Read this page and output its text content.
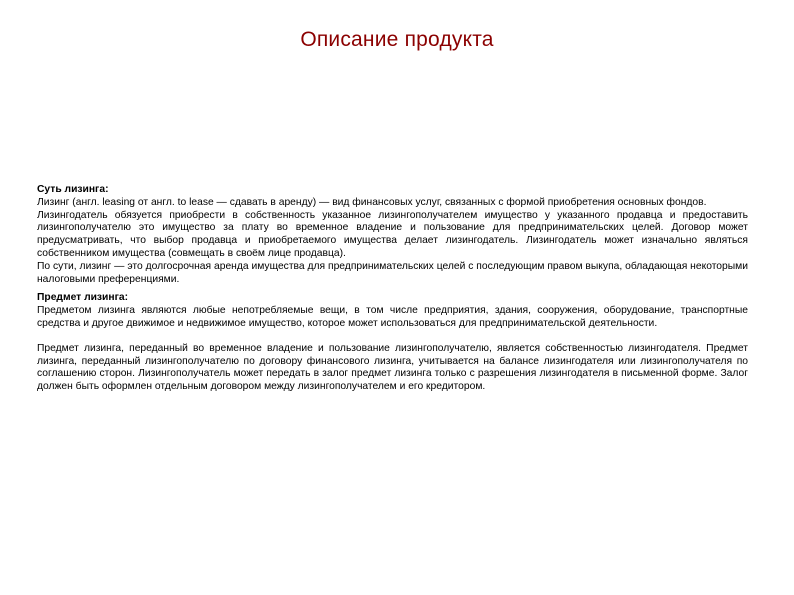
Описание продукта
Суть лизинга:
Лизинг (англ. leasing от англ. to lease — сдавать в аренду) — вид финансовых услуг, связанных с формой приобретения основных фондов.
Лизингодатель обязуется приобрести в собственность указанное лизингополучателем имущество у указанного продавца и предоставить лизингополучателю это имущество за плату во временное владение и пользование для предпринимательских целей. Договор может предусматривать, что выбор продавца и приобретаемого имущества делает лизингодатель. Лизингодатель может изначально являться собственником имущества (совмещать в своём лице продавца).
По сути, лизинг — это долгосрочная аренда имущества для предпринимательских целей с последующим правом выкупа, обладающая некоторыми налоговыми преференциями.
Предмет лизинга:
Предметом лизинга являются любые непотребляемые вещи, в том числе предприятия, здания, сооружения, оборудование, транспортные средства и другое движимое и недвижимое имущество, которое может использоваться для предпринимательской деятельности.
Предмет лизинга, переданный во временное владение и пользование лизингополучателю, является собственностью лизингодателя. Предмет лизинга, переданный лизингополучателю по договору финансового лизинга, учитывается на балансе лизингодателя или лизингополучателя по соглашению сторон. Лизингополучатель может передать в залог предмет лизинга только с разрешения лизингодателя в письменной форме. Залог должен быть оформлен отдельным договором между лизингополучателем и его кредитором.
